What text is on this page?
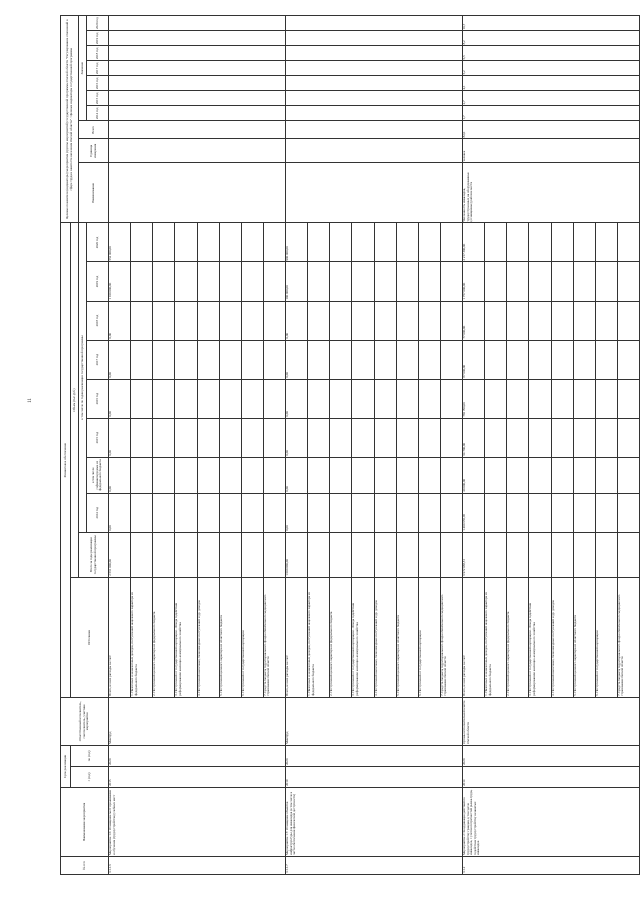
11
№ п/п	Наименование мероприятия	Срок реализации		Ответственный исполнитель, соисполнитель, участник мероприятия	Финансовое обеспечение										Целевые показатели (индикаторы) мероприятия (группы мероприятий) государственной программы Омской области "Регулирование отношений в сфере труда и занятости населения Омской области" / Целевые индикаторы государственной программы									
		с (год)	по (год)		Источники	Объем (тыс.руб.)																		
						Всего за годы реализации государственной программы	в том числе по годам реализации государственной программы								Наименование	Единица измерения	Всего	Значение						
							2014 год	в том числе софинансируемые из федерального бюджета	2015 год	2016 год	2017 год	2018 год	2019 год	2020 год				2014 год	2015 год	2016 год	2017 год	2018 год	2019 год	2020 год
3.1.1.6	Мероприятие 1.6: Оснащение мест проживания и обучения (трудоустройства) учебных мест	2015	2020	Минтруд	Всего, из них расходы за счет:	2 651 000,00	0,00	0,00	0,00	0,00	0,00	0,00	1 100 000,00	552 000,00										
					1. Налоговых и неналоговых доходов, поступлений нецелевого характера из федерального бюджета																			
					2. Поступлений целевого характера из федерального бюджета																			
					3. Поступлений от государственной корпорации - Фонда содействия реформированию жилищно-коммунального хозяйства																			
					4. Поступлений налоговых, безвозмездных поступлений и др. доходов																			
					5. Поступлений целевого характера из областного бюджета																			
					6. Поступлений от государственной корпорации																			
					7. Средств бюджета территориального фонда обязательного медицинского страхования Омской области																			
3.1.1.7	Мероприятие 1.7: Оснащение объектов инфраструктуры для инвалидов (в том числе в части обеспечения физической доступности)	2019	2020	Минтруд	Всего, из них расходы за счет:	1 000 000,00	0,00	0,00	0,00	0,00	0,00	0,00	100 000,00	900 000,00										
					1. Налоговых и неналоговых доходов, поступлений нецелевого характера из федерального бюджета																			
					2. Поступлений целевого характера из федерального бюджета																			
					3. Поступлений от государственной корпорации - Фонда содействия реформированию жилищно-коммунального хозяйства																			
					4. Поступлений налоговых, безвозмездных поступлений и др. доходов																			
					5. Поступлений целевого характера из областного бюджета																			
					6. Поступлений от государственной корпорации																			
					7. Средств бюджета территориального фонда обязательного медицинского страхования Омской области																			
3.1.2	Мероприятие 2: Координация действий по трудоустройству граждан, в том числе инвалидов, с учетом потребностей рынка труда, содействие трудоустройству незанятых инвалидов	2014	2020	Органы исполнительной власти Омской области	Всего, из них расходы за счет:	6 972 058,51	1 400 655,05	40 000,00	64 700,00	782 700,00	87 000,00	77 000,00	1 757 000,00	2 217 300,00	Численность инвалидов, трудоустроенных на оборудованные (оснащенные) рабочие места	человек	82,0	1,7	2,7	4,1	5,2	6,5	8,2	10,7
					1. Налоговых и неналоговых доходов, поступлений нецелевого характера из федерального бюджета																			
					2. Поступлений целевого характера из федерального бюджета																			
					3. Поступлений от государственной корпорации - Фонда содействия реформированию жилищно-коммунального хозяйства																			
					4. Поступлений налоговых, безвозмездных поступлений и др. доходов																			
					5. Поступлений целевого характера из областного бюджета																			
					6. Поступлений от государственной корпорации																			
					7. Средств бюджета территориального фонда обязательного медицинского страхования Омской области																			
